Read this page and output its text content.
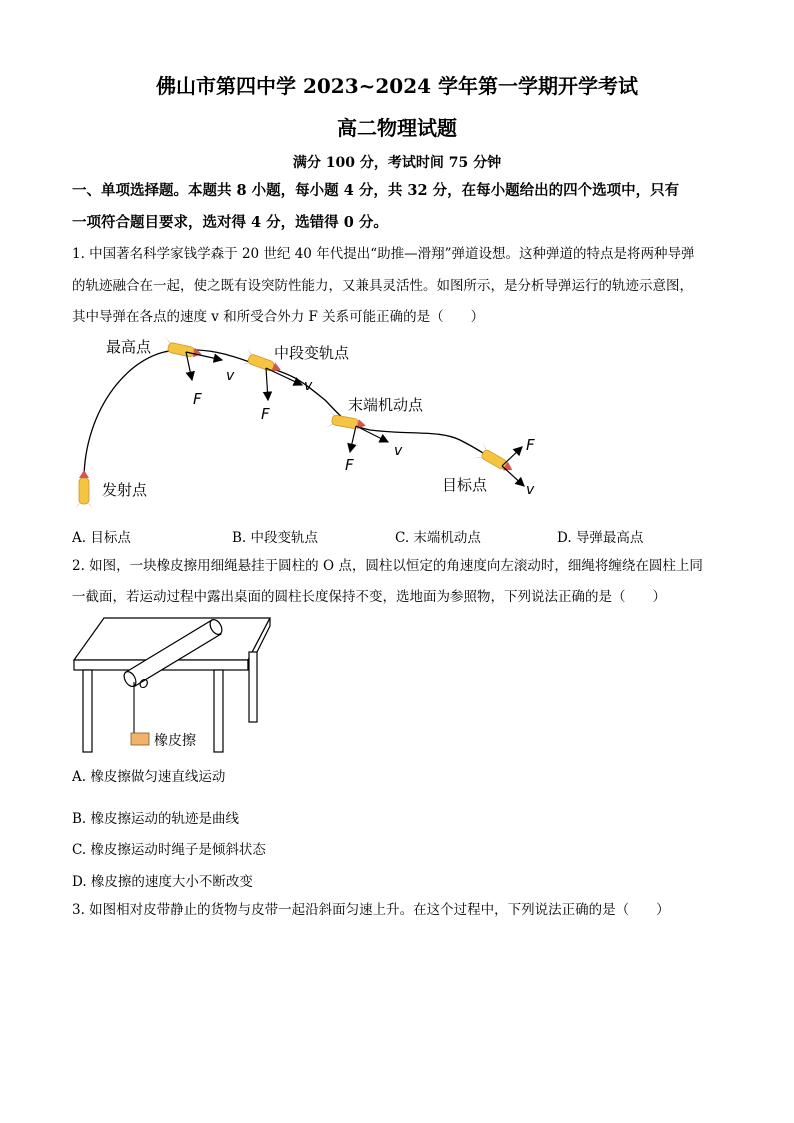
佛山市第四中学 2023~2024 学年第一学期开学考试
高二物理试题
满分 100 分，考试时间 75 分钟
一、单项选择题。本题共 8 小题，每小题 4 分，共 32 分，在每小题给出的四个选项中，只有
一项符合题目要求，选对得 4 分，选错得 0 分。
1. 中国著名科学家钱学森于 20 世纪 40 年代提出“助推—滑翔”弹道设想。这种弹道的特点是将两种导弹
的轨迹融合在一起，使之既有设突防性能力，又兼具灵活性。如图所示，是分析导弹运行的轨迹示意图，
其中导弹在各点的速度 v 和所受合外力 F 关系可能正确的是（　　）
最高点	中段变轨点
末端机动点
发射点	目标点
v
F
v
F
v
F
F
v
A. 目标点	B. 中段变轨点	C. 末端机动点	D. 导弹最高点
2. 如图，一块橡皮擦用细绳悬挂于圆柱的 O 点，圆柱以恒定的角速度向左滚动时，细绳将缠绕在圆柱上同
一截面，若运动过程中露出桌面的圆柱长度保持不变，选地面为参照物，下列说法正确的是（　　）
O
橡皮擦
A. 橡皮擦做匀速直线运动
B. 橡皮擦运动的轨迹是曲线
C. 橡皮擦运动时绳子是倾斜状态
D. 橡皮擦的速度大小不断改变
3. 如图相对皮带静止的货物与皮带一起沿斜面匀速上升。在这个过程中，下列说法正确的是（　　）
